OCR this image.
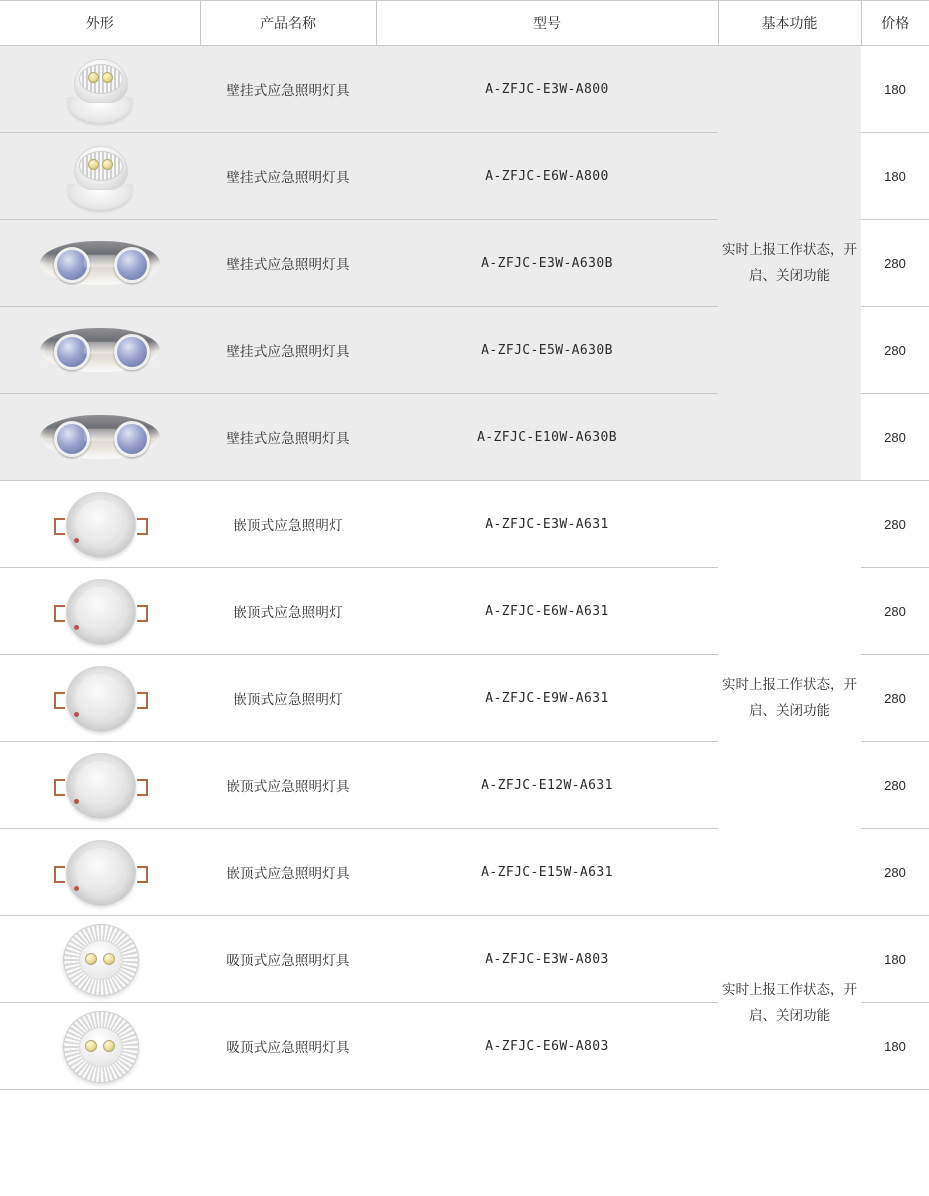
外形	产品名称	型号	基本功能	价格

	壁挂式应急照明灯具	A-ZFJC-E3W-A800	实时上报工作状态，开启、关闭功能	180

	壁挂式应急照明灯具	A-ZFJC-E6W-A800		180

	壁挂式应急照明灯具	A-ZFJC-E3W-A630B		280

	壁挂式应急照明灯具	A-ZFJC-E5W-A630B		280

	壁挂式应急照明灯具	A-ZFJC-E10W-A630B		280

	嵌顶式应急照明灯	A-ZFJC-E3W-A631	实时上报工作状态，开启、关闭功能	280

	嵌顶式应急照明灯	A-ZFJC-E6W-A631		280

	嵌顶式应急照明灯	A-ZFJC-E9W-A631		280

	嵌顶式应急照明灯具	A-ZFJC-E12W-A631		280

	嵌顶式应急照明灯具	A-ZFJC-E15W-A631		280

	吸顶式应急照明灯具	A-ZFJC-E3W-A803	实时上报工作状态，开启、关闭功能	180

	吸顶式应急照明灯具	A-ZFJC-E6W-A803		180
